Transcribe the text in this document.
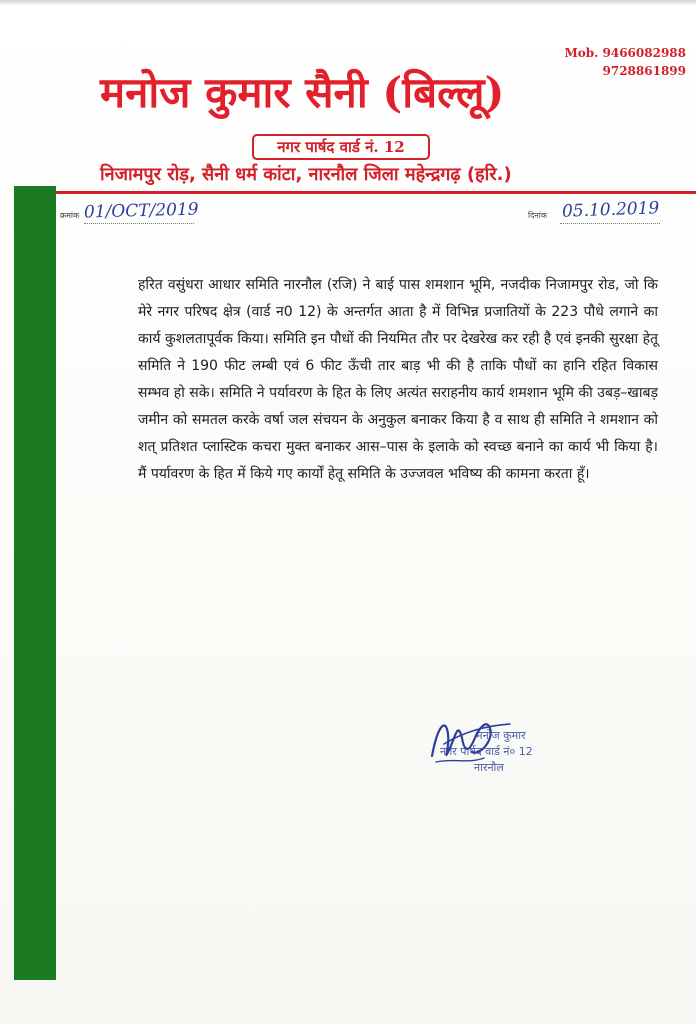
Mob. 9466082988
9728861899
मनोज कुमार सैनी (बिल्लू)
नगर पार्षद वार्ड नं. 12
निजामपुर रोड़, सैनी धर्म कांटा, नारनौल जिला महेन्द्रगढ़ (हरि.)
क्रमांक 01/OCT/2019	दिनांक 05.10.2019

हरित वसुंधरा आधार समिति नारनौल (रजि) ने बाई पास शमशान भूमि, नजदीक निजामपुर रोड, जो कि मेरे नगर परिषद क्षेत्र (वार्ड न0 12) के अन्तर्गत आता है में विभिन्न प्रजातियों के 223 पौधे लगाने का कार्य कुशलतापूर्वक किया। समिति इन पौधों की नियमित तौर पर देखरेख कर रही है एवं इनकी सुरक्षा हेतू समिति ने 190 फीट लम्बी एवं 6 फीट ऊँची तार बाड़ भी की है ताकि पौधों का हानि रहित विकास सम्भव हो सके। समिति ने पर्यावरण के हित के लिए अत्यंत सराहनीय कार्य शमशान भूमि की उबड़–खाबड़ जमीन को समतल करके वर्षा जल संचयन के अनुकुल बनाकर किया है व साथ ही समिति ने शमशान को शत् प्रतिशत प्लास्टिक कचरा मुक्त बनाकर आस–पास के इलाके को स्वच्छ बनाने का कार्य भी किया है। मैं पर्यावरण के हित में किये गए कार्यों हेतू समिति के उज्जवल भविष्य की कामना करता हूँ।

मनोज कुमार
नगर पार्षद वार्ड नं० 12
नारनौल
